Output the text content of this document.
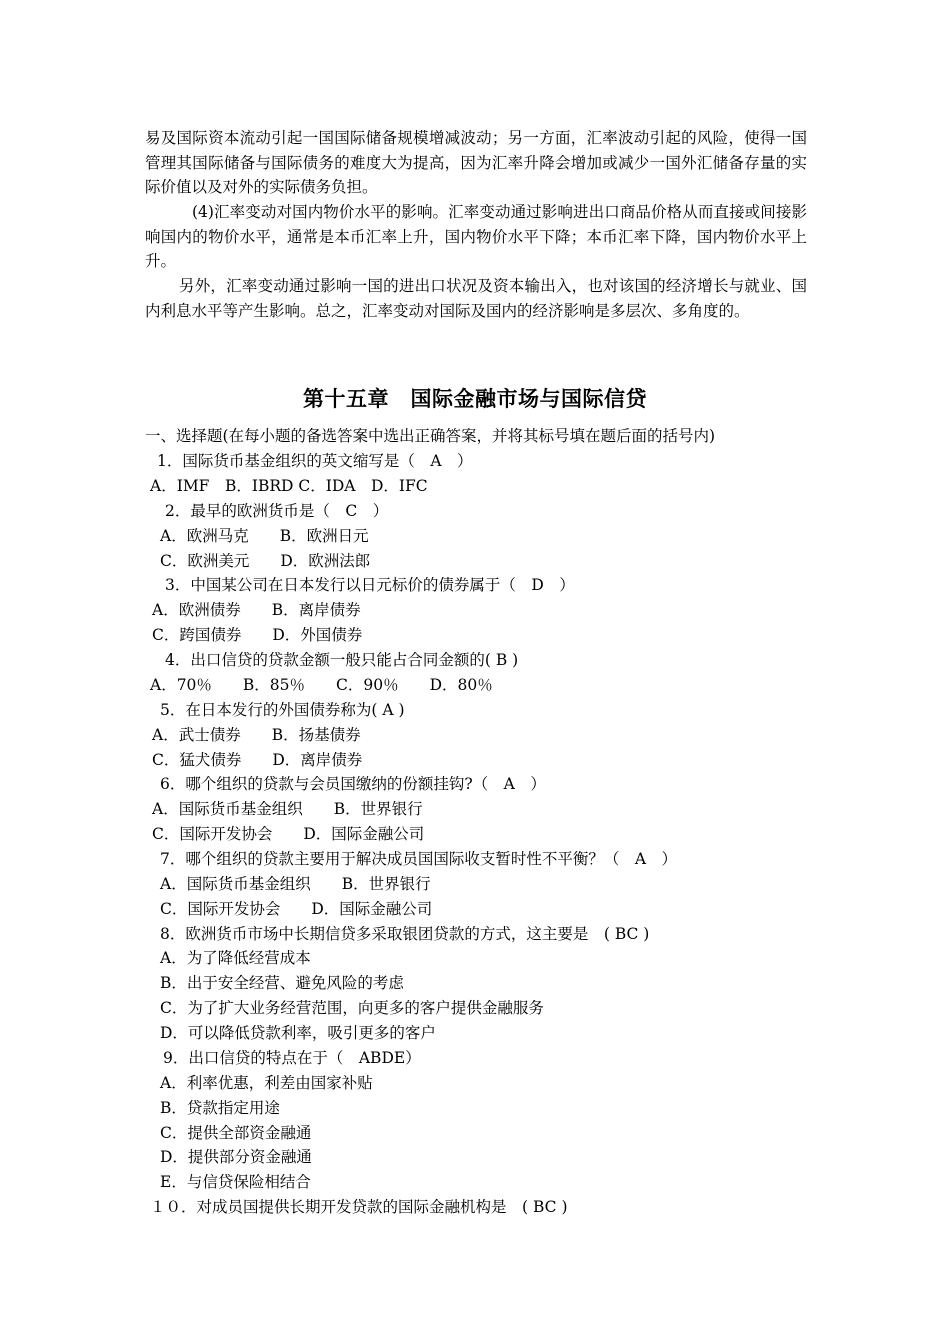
易及国际资本流动引起一国国际储备规模增减波动；另一方面，汇率波动引起的风险，使得一国管理其国际储备与国际债务的难度大为提高，因为汇率升降会增加或减少一国外汇储备存量的实际价值以及对外的实际债务负担。

(4)汇率变动对国内物价水平的影响。汇率变动通过影响进出口商品价格从而直接或间接影响国内的物价水平，通常是本币汇率上升，国内物价水平下降；本币汇率下降，国内物价水平上升。

另外，汇率变动通过影响一国的进出口状况及资本输出入，也对该国的经济增长与就业、国内利息水平等产生影响。总之，汇率变动对国际及国内的经济影响是多层次、多角度的。

第十五章　国际金融市场与国际信贷

一、选择题(在每小题的备选答案中选出正确答案，并将其标号填在题后面的括号内)

1．国际货币基金组织的英文缩写是（　A　）

A．IMF　B．IBRD C．IDA　D．IFC

2．最早的欧洲货币是（　C　）

A．欧洲马克　　B．欧洲日元

C．欧洲美元　　D．欧洲法郎

3．中国某公司在日本发行以日元标价的债券属于（　D　）

A．欧洲债券　　B．离岸债券

C．跨国债券　　D．外国债券

4．出口信贷的贷款金额一般只能占合同金额的( B )

A．70％　　B．85％　　C．90％　　D．80％

5．在日本发行的外国债券称为( A )

A．武士债券　　B．扬基债券

C．猛犬债券　　D．离岸债券

6．哪个组织的贷款与会员国缴纳的份额挂钩?（　A　）

A．国际货币基金组织　　B．世界银行

C．国际开发协会　　D．国际金融公司

7．哪个组织的贷款主要用于解决成员国国际收支暂时性不平衡？（　A　）

A．国际货币基金组织　　B．世界银行

C．国际开发协会　　D．国际金融公司

8．欧洲货币市场中长期信贷多采取银团贷款的方式，这主要是　( BC )

A．为了降低经营成本

B．出于安全经营、避免风险的考虑

C．为了扩大业务经营范围，向更多的客户提供金融服务

D．可以降低贷款利率，吸引更多的客户

9．出口信贷的特点在于（　ABDE）

A．利率优惠，利差由国家补贴

B．贷款指定用途

C．提供全部资金融通

D．提供部分资金融通

E．与信贷保险相结合

１０．对成员国提供长期开发贷款的国际金融机构是　( BC )
